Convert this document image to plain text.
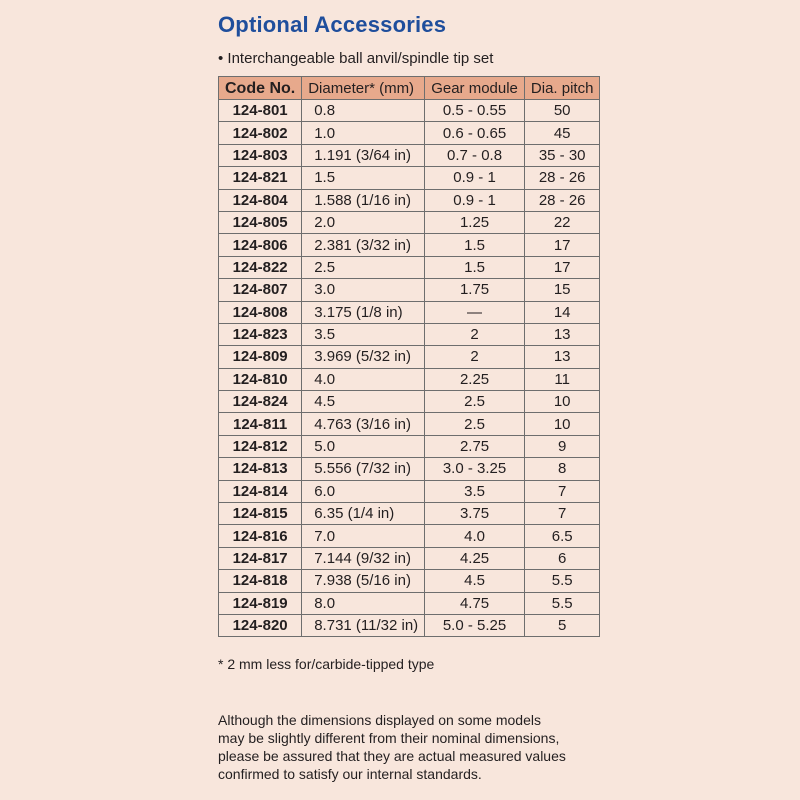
Optional Accessories
• Interchangeable ball anvil/spindle tip set
Code No.	Diameter* (mm)	Gear module	Dia. pitch
124-801	0.8	0.5 - 0.55	50
124-802	1.0	0.6 - 0.65	45
124-803	1.191 (3/64 in)	0.7 - 0.8	35 - 30
124-821	1.5	0.9 - 1	28 - 26
124-804	1.588 (1/16 in)	0.9 - 1	28 - 26
124-805	2.0	1.25	22
124-806	2.381 (3/32 in)	1.5	17
124-822	2.5	1.5	17
124-807	3.0	1.75	15
124-808	3.175 (1/8 in)	—	14
124-823	3.5	2	13
124-809	3.969 (5/32 in)	2	13
124-810	4.0	2.25	11
124-824	4.5	2.5	10
124-811	4.763 (3/16 in)	2.5	10
124-812	5.0	2.75	9
124-813	5.556 (7/32 in)	3.0 - 3.25	8
124-814	6.0	3.5	7
124-815	6.35 (1/4 in)	3.75	7
124-816	7.0	4.0	6.5
124-817	7.144 (9/32 in)	4.25	6
124-818	7.938 (5/16 in)	4.5	5.5
124-819	8.0	4.75	5.5
124-820	8.731 (11/32 in)	5.0 - 5.25	5
* 2 mm less for/carbide-tipped type
Although the dimensions displayed on some models
may be slightly different from their nominal dimensions,
please be assured that they are actual measured values
confirmed to satisfy our internal standards.
